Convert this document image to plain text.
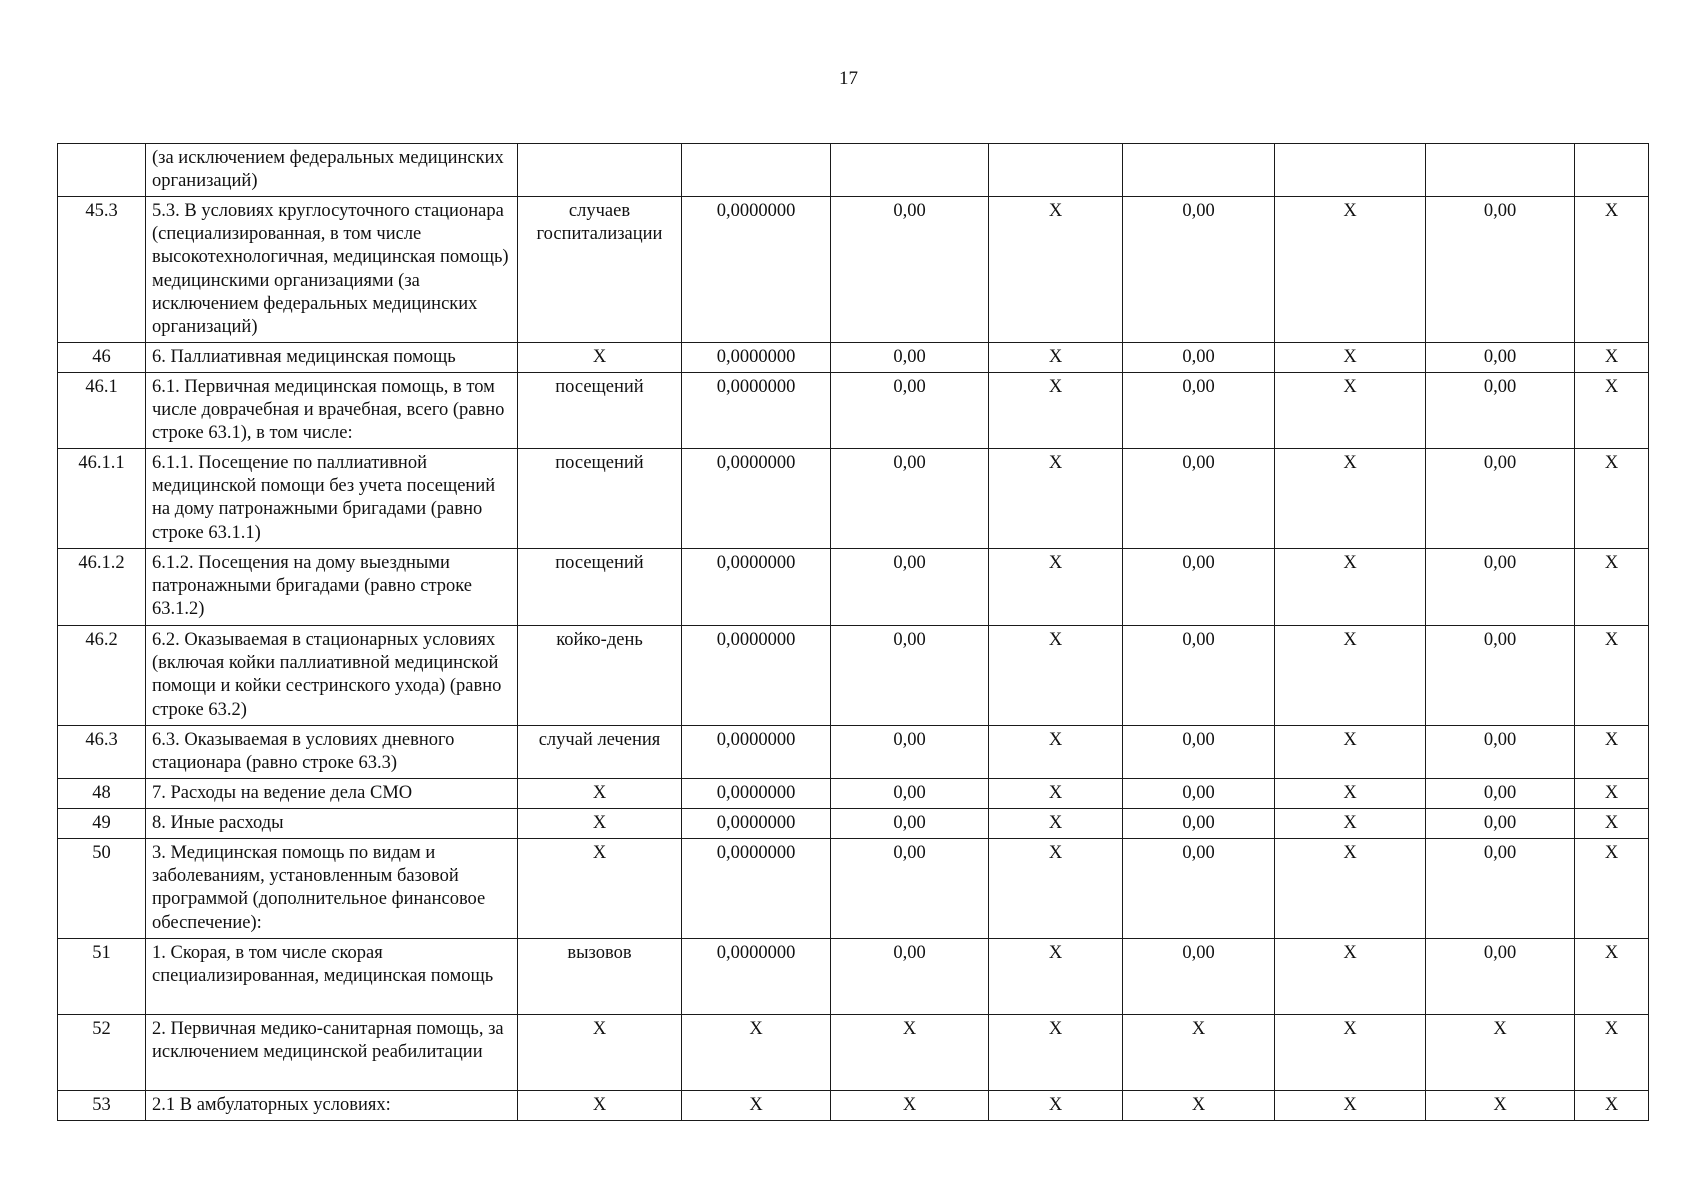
17
	(за исключением федеральных медицинских организаций)								
45.3	5.3. В условиях круглосуточного стационара (специализированная, в том числе высокотехнологичная, медицинская помощь) медицинскими организациями (за исключением федеральных медицинских организаций)	случаев госпитализации	0,0000000	0,00	X	0,00	X	0,00	X
46	6. Паллиативная медицинская помощь	X	0,0000000	0,00	X	0,00	X	0,00	X
46.1	6.1. Первичная медицинская помощь, в том числе доврачебная и врачебная, всего (равно строке 63.1), в том числе:	посещений	0,0000000	0,00	X	0,00	X	0,00	X
46.1.1	6.1.1. Посещение по паллиативной медицинской помощи без учета посещений на дому патронажными бригадами (равно строке 63.1.1)	посещений	0,0000000	0,00	X	0,00	X	0,00	X
46.1.2	6.1.2. Посещения на дому выездными патронажными бригадами (равно строке 63.1.2)	посещений	0,0000000	0,00	X	0,00	X	0,00	X
46.2	6.2. Оказываемая в стационарных условиях (включая койки паллиативной медицинской помощи и койки сестринского ухода) (равно строке 63.2)	койко-день	0,0000000	0,00	X	0,00	X	0,00	X
46.3	6.3. Оказываемая в условиях дневного стационара (равно строке 63.3)	случай лечения	0,0000000	0,00	X	0,00	X	0,00	X
48	7. Расходы на ведение дела СМО	X	0,0000000	0,00	X	0,00	X	0,00	X
49	8. Иные расходы	X	0,0000000	0,00	X	0,00	X	0,00	X
50	3. Медицинская помощь по видам и заболеваниям, установленным базовой программой (дополнительное финансовое обеспечение):	X	0,0000000	0,00	X	0,00	X	0,00	X
51	1. Скорая, в том числе скорая специализированная, медицинская помощь	вызовов	0,0000000	0,00	X	0,00	X	0,00	X
52	2. Первичная медико-санитарная помощь, за исключением медицинской реабилитации	X	X	X	X	X	X	X	X
53	2.1 В амбулаторных условиях:	X	X	X	X	X	X	X	X
